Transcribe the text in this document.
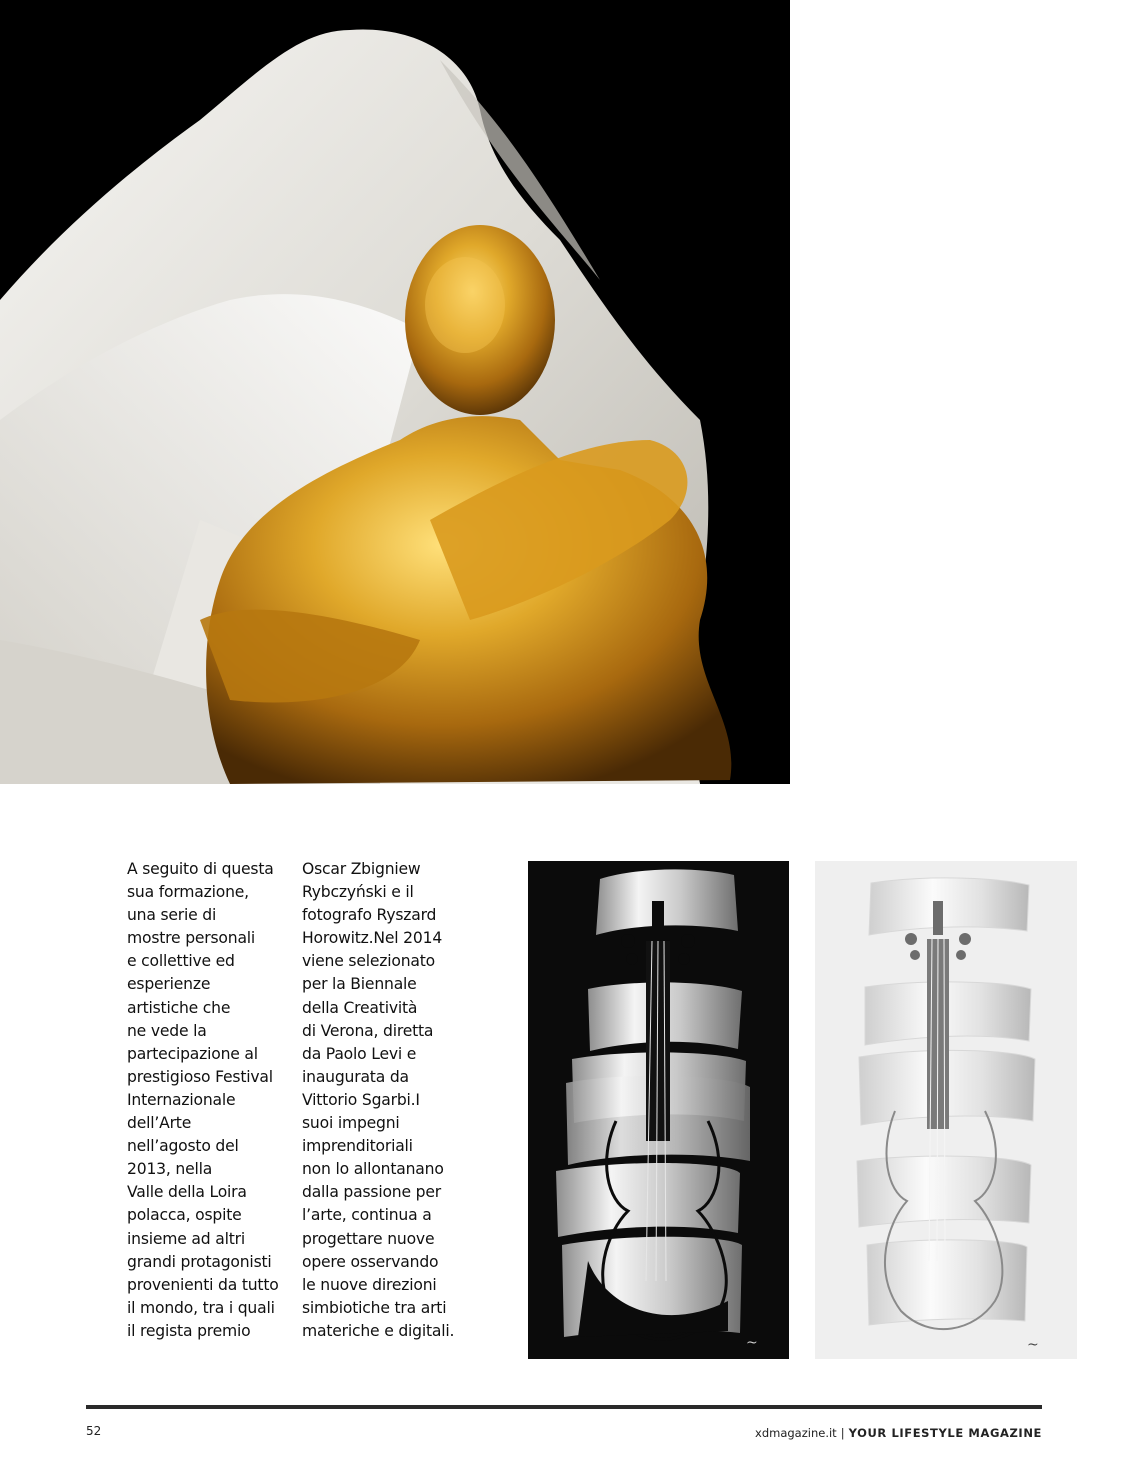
A seguito di questa
sua formazione,
una serie di
mostre personali
e collettive ed
esperienze
artistiche che
ne vede la
partecipazione al
prestigioso Festival
Internazionale
dell’Arte
nell’agosto del
2013, nella
Valle della Loira
polacca, ospite
insieme ad altri
grandi protagonisti
provenienti da tutto
il mondo, tra i quali
il regista premio
Oscar Zbigniew
Rybczyński e il
fotografo Ryszard
Horowitz.Nel 2014
viene selezionato
per la Biennale
della Creatività
di Verona, diretta
da Paolo Levi e
inaugurata da
Vittorio Sgarbi.I
suoi impegni
imprenditoriali
non lo allontanano
dalla passione per
l’arte, continua a
progettare nuove
opere osservando
le nuove direzioni
simbiotiche tra arti
materiche e digitali.
~	~
52	xdmagazine.it | YOUR LIFESTYLE MAGAZINE
